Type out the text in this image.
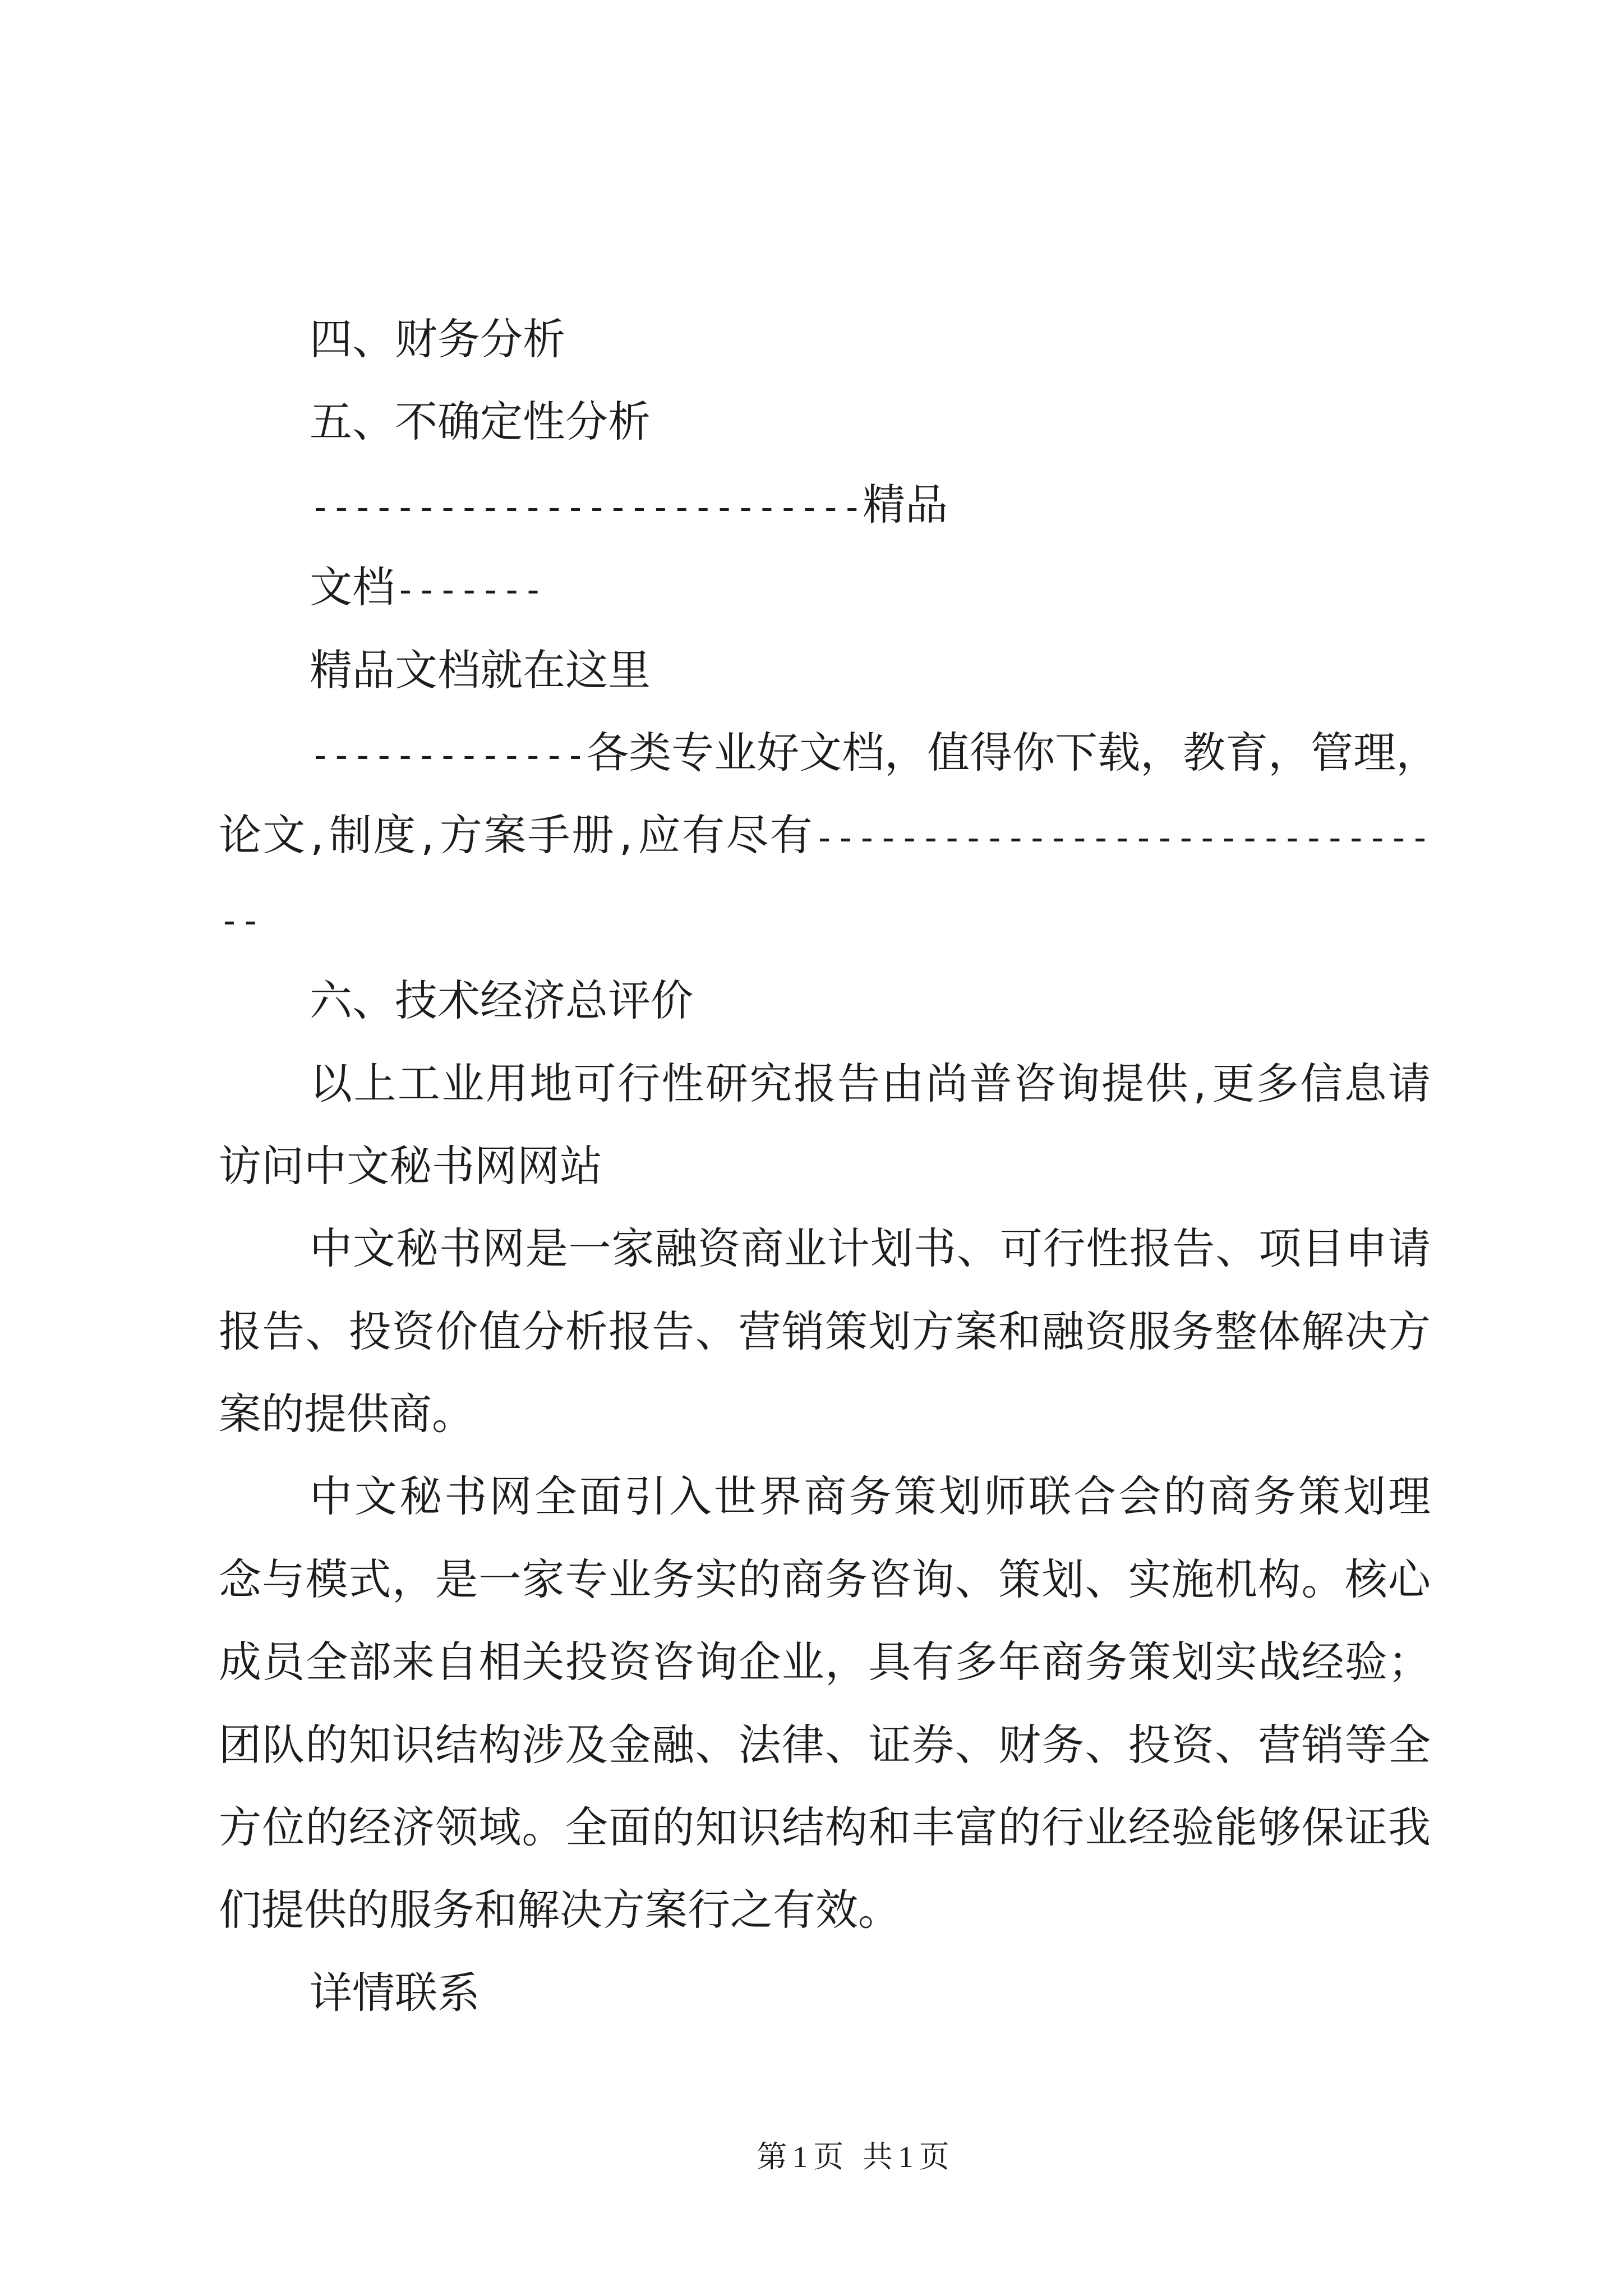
四、财务分析
五、不确定性分析
--------------------------精品
文档-------
精品文档就在这里
-------------各类专业好文档，值得你下载，教育，管理，
论文,制度,方案手册,应有尽有-----------------------------
--
六、技术经济总评价
以上工业用地可行性研究报告由尚普咨询提供,更多信息请
访问中文秘书网网站
中文秘书网是一家融资商业计划书、可行性报告、项目申请
报告、投资价值分析报告、营销策划方案和融资服务整体解决方
案的提供商。
中文秘书网全面引入世界商务策划师联合会的商务策划理
念与模式，是一家专业务实的商务咨询、策划、实施机构。核心
成员全部来自相关投资咨询企业，具有多年商务策划实战经验；
团队的知识结构涉及金融、法律、证券、财务、投资、营销等全
方位的经济领域。全面的知识结构和丰富的行业经验能够保证我
们提供的服务和解决方案行之有效。
详情联系
第1页 共1页
